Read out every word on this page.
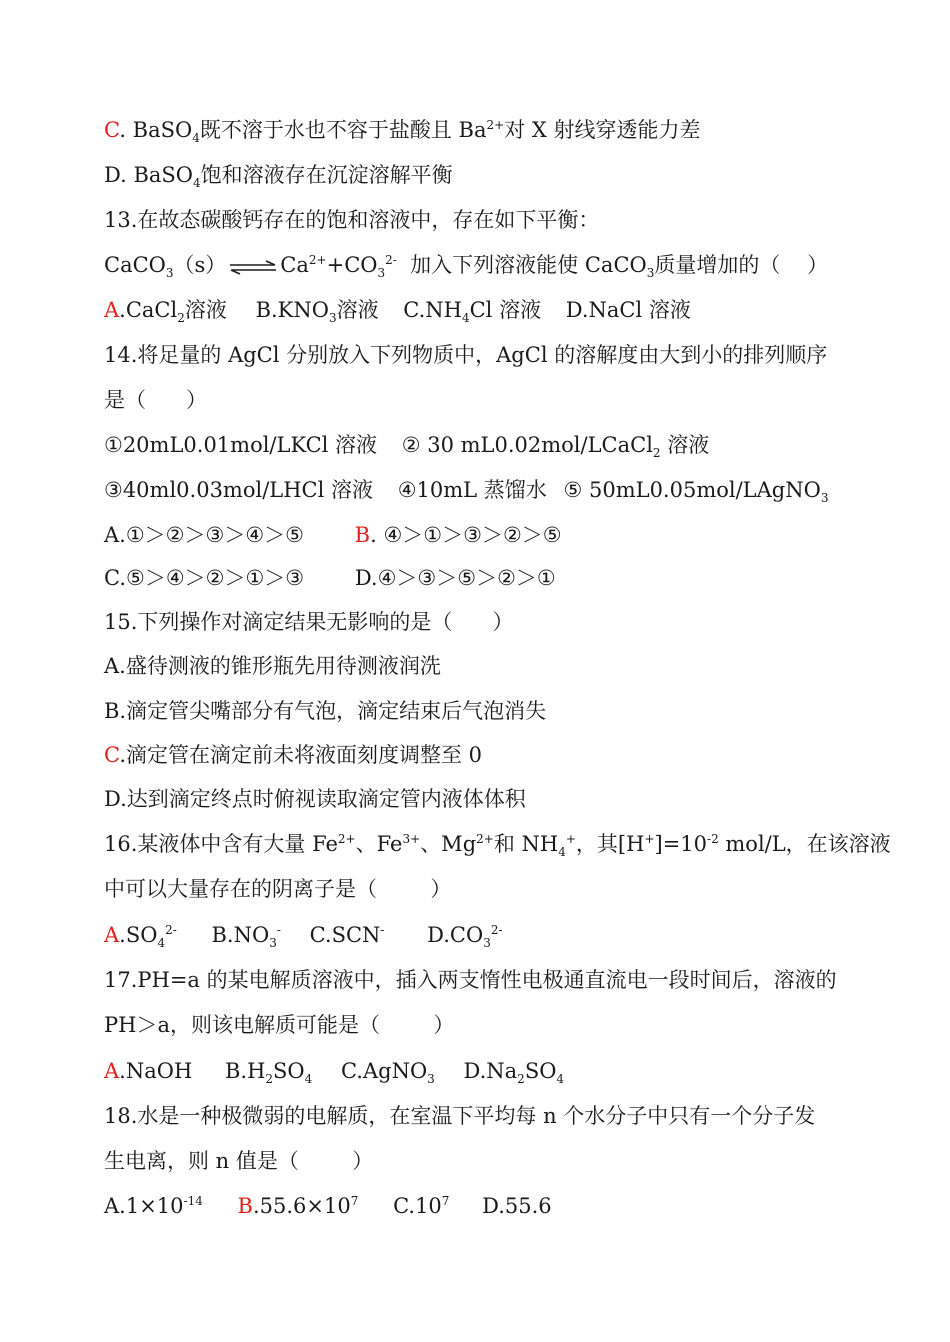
C. BaSO$_4$既不溶于水也不容于盐酸且 $Ba^{2+}$对 X 射线穿透能力差
D. BaSO$_4$饱和溶液存在沉淀溶解平衡
13.在故态碳酸钙存在的饱和溶液中，存在如下平衡：
CaCO$_3$（s） ⇌ $Ca^{2+}+CO_3^{2-}$  加入下列溶液能使 CaCO$_3$质量增加的（    ）
A.CaCl$_2$溶液 $B.KNO_3$溶液 $C.NH_4Cl$ 溶液 D.NaCl 溶液
14.将足量的 AgCl 分别放入下列物质中，AgCl 的溶解度由大到小的排列顺序
是（      ）
①20mL0.01mol/LKCl 溶液 ② 30 mL0.02mol/LCaCl$_2$ 溶液
③40ml0.03mol/LHCl 溶液 ④10mL 蒸馏水 ⑤ 50mL0.05mol/LAgNO$_3$
A.①＞②＞③＞④＞⑤ B. ④＞①＞③＞②＞⑤
C.⑤＞④＞②＞①＞③ D.④＞③＞⑤＞②＞①
15.下列操作对滴定结果无影响的是（      ）
A.盛待测液的锥形瓶先用待测液润洗
B.滴定管尖嘴部分有气泡，滴定结束后气泡消失
C.滴定管在滴定前未将液面刻度调整至 0
D.达到滴定终点时俯视读取滴定管内液体体积
16.某液体中含有大量 $Fe^{2+}$、$Fe^{3+}$、$Mg^{2+}$和 $NH_4^+$，其$[H^+]=10^{-2}$ mol/L，在该溶液
中可以大量存在的阴离子是（        ）
$A.SO_4^{2-}$ $B.NO_3^-$ C.SCN- $D.CO_3^{2-}$
17.PH=a 的某电解质溶液中，插入两支惰性电极通直流电一段时间后，溶液的
PH＞a，则该电解质可能是（        ）
A.NaOH $B.H_2SO_4$ C.AgNO$_3$ $D.Na_2SO_4$
18.水是一种极微弱的电解质，在室温下平均每 n 个水分子中只有一个分子发
生电离，则 n 值是（        ）
$A.1\times 10^{-14}$ $B.55.6\times 10^7$ $C.10^7$ D.55.6
